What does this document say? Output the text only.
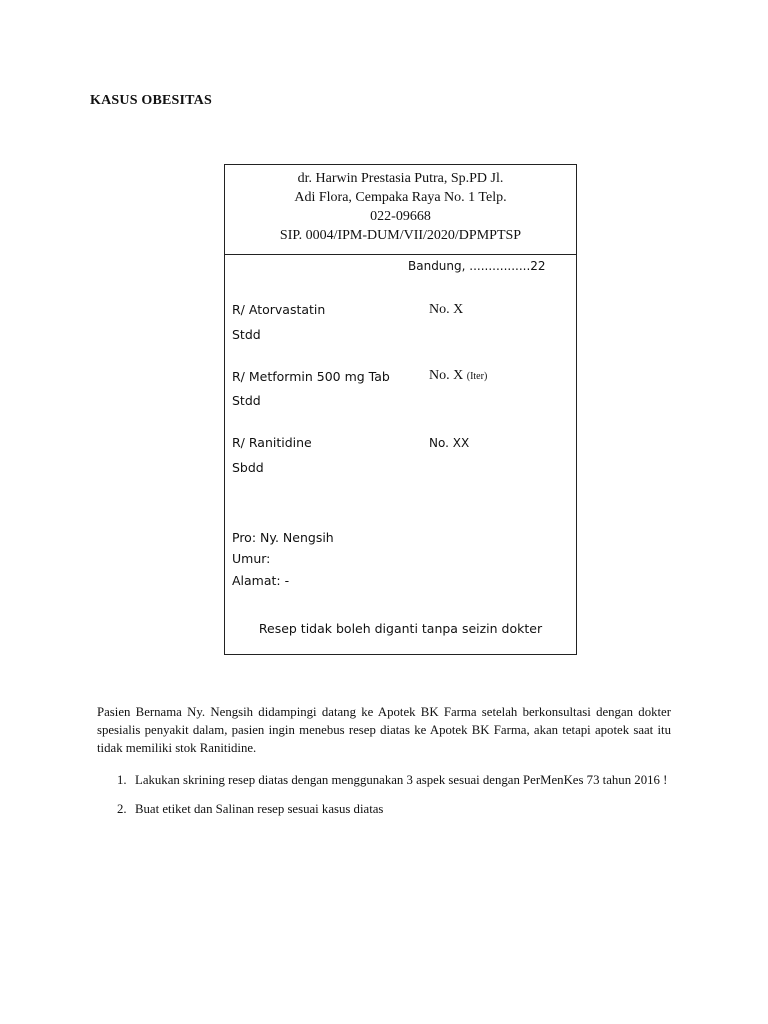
KASUS OBESITAS
dr. Harwin Prestasia Putra, Sp.PD Jl.
Adi Flora, Cempaka Raya No. 1 Telp.
022-09668
SIP. 0004/IPM-DUM/VII/2020/DPMPTSP
Bandung, ................22
R/ Atorvastatin	No. X
Stdd
R/ Metformin 500 mg Tab	No. X (Iter)
Stdd
R/ Ranitidine	No. XX
Sbdd
Pro: Ny. Nengsih
Umur:
Alamat: -
Resep tidak boleh diganti tanpa seizin dokter
Pasien Bernama Ny. Nengsih didampingi datang ke Apotek BK Farma setelah berkonsultasi dengan dokter spesialis penyakit dalam, pasien ingin menebus resep diatas ke Apotek BK Farma, akan tetapi apotek saat itu tidak memiliki stok Ranitidine.
1. Lakukan skrining resep diatas dengan menggunakan 3 aspek sesuai dengan PerMenKes 73 tahun 2016 !
2. Buat etiket dan Salinan resep sesuai kasus diatas
